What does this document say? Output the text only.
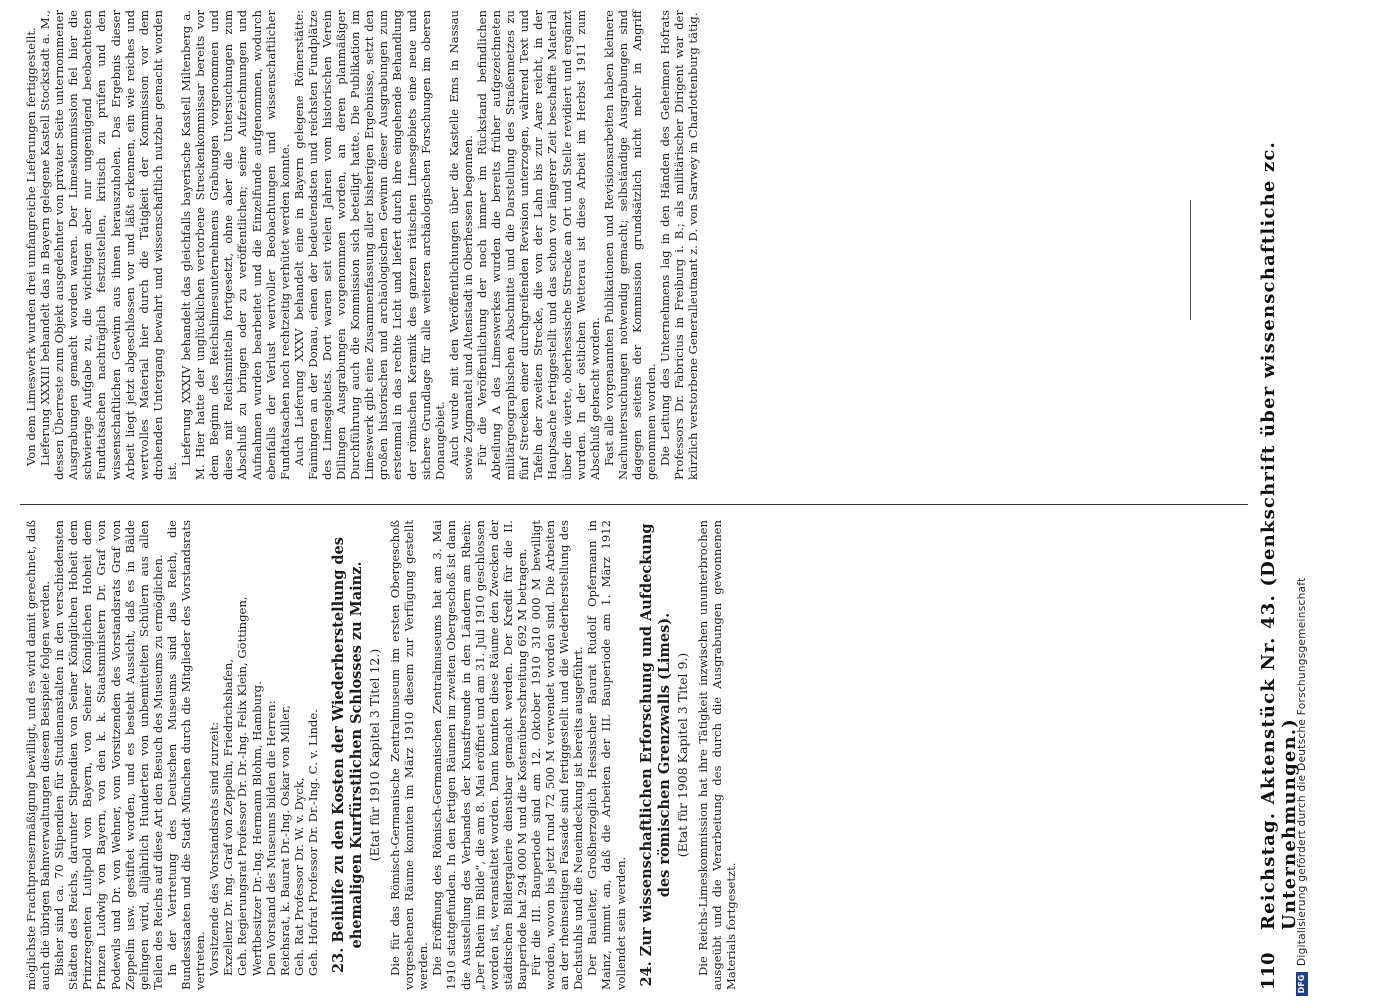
110
Reichstag. Aktenstück Nr. 43. (Denkschrift über wissenschaftliche zc. Unternehmungen.)

möglichste Frachtpreisermäßigung bewilligt, und es wird damit gerechnet, daß auch die übrigen Bahnverwaltungen diesem Beispiele folgen werden. Bisher sind ca. 70 Stipendien für Studienanstalten in den verschiedensten Städten des Reichs, darunter Stipendien von Seiner Königlichen Hoheit dem Prinzregenten Luitpold von Bayern, von Seiner Königlichen Hoheit dem Prinzen Ludwig von Bayern, von den k. k. Staatsministern Dr. Graf von Podewils und Dr. von Wehner, vom Vorsitzenden des Vorstandsrats Graf von Zeppelin usw. gestiftet worden, und es besteht Aussicht, daß es in Bälde gelingen wird, alljährlich Hunderten von unbemittelten Schülern aus allen Teilen des Reichs auf diese Art den Besuch des Museums zu ermöglichen. In der Vertretung des Deutschen Museums sind das Reich, die Bundesstaaten und die Stadt München durch die Mitglieder des Vorstandsrats vertreten. Vorsitzende des Vorstandsrats sind zurzeit: Exzellenz Dr. ing. Graf von Zeppelin, Friedrichshafen, Geh. Regierungsrat Professor Dr. Dr.-Ing. Felix Klein, Göttingen, Werftbesitzer Dr.-Ing. Hermann Blohm, Hamburg. Den Vorstand des Museums bilden die Herren: Reichsrat, k. Baurat Dr.-Ing. Oskar von Miller, Geh. Rat Professor Dr. W. v. Dyck, Geh. Hofrat Professor Dr. Dr.-Ing. C. v. Linde. 23. Beihilfe zu den Kosten der Wiederherstellung des ehemaligen Kurfürstlichen Schlosses zu Mainz. (Etat für 1910 Kapitel 3 Titel 12.) Die für das Römisch-Germanische Zentralmuseum im ersten Obergeschoß vorgesehenen Räume konnten im März 1910 diesem zur Verfügung gestellt werden. Die Eröffnung des Römisch-Germanischen Zentralmuseums hat am 3. Mai 1910 stattgefunden. In den fertigen Räumen im zweiten Obergeschoß ist dann die Ausstellung des Verbandes der Kunstfreunde in den Ländern am Rhein: „Der Rhein im Bilde“, die am 8. Mai eröffnet und am 31. Juli 1910 geschlossen worden ist, veranstaltet worden. Dann konnten diese Räume den Zwecken der städtischen Bildergalerie dienstbar gemacht werden. Der Kredit für die II. Bauperiode hat 294 000 M und die Kostenüberschreitung 692 M betragen. Für die III. Bauperiode sind am 12. Oktober 1910 310 000 M bewilligt worden, wovon bis jetzt rund 72 500 M verwendet worden sind. Die Arbeiten an der rheinseitigen Fassade sind fertiggestellt und die Wiederherstellung des Dachstuhls und die Neueindeckung ist bereits ausgeführt. Der Bauleiter, Großherzoglich Hessischer Baurat Rudolf Opfermann in Mainz, nimmt an, daß die Arbeiten der III. Bauperiode am 1. März 1912 vollendet sein werden. 24. Zur wissenschaftlichen Erforschung und Aufdeckung des römischen Grenzwalls (Limes). (Etat für 1908 Kapitel 3 Titel 9.) Die Reichs-Limeskommission hat ihre Tätigkeit inzwischen ununterbrochen ausgeübt und die Verarbeitung des durch die Ausgrabungen gewonnenen Materials fortgesetzt.

Von dem Limeswerk wurden drei umfangreiche Lieferungen fertiggestellt. Lieferung XXXIII behandelt das in Bayern gelegene Kastell Stockstadt a. M., dessen Überreste zum Objekt ausgedehnter von privater Seite unternommener Ausgrabungen gemacht worden waren. Der Limeskommission fiel hier die schwierige Aufgabe zu, die wichtigen aber nur ungenügend beobachteten Fundtatsachen nachträglich festzustellen, kritisch zu prüfen und den wissenschaftlichen Gewinn aus ihnen herauszuholen. Das Ergebnis dieser Arbeit liegt jetzt abgeschlossen vor und läßt erkennen, ein wie reiches und wertvolles Material hier durch die Tätigkeit der Kommission vor dem drohenden Untergang bewahrt und wissenschaftlich nutzbar gemacht worden ist.

Lieferung XXXIV behandelt das gleichfalls bayerische Kastell Miltenberg a. M. Hier hatte der unglücklichen vertorbene Streckenkommissar bereits vor dem Beginn des Reichslimesunternehmens Grabungen vorgenommen und diese mit Reichsmitteln fortgesetzt, ohne aber die Untersuchungen zum Abschluß zu bringen oder zu veröffentlichen; seine Aufzeichnungen und Aufnahmen wurden bearbeitet und die Einzelfunde aufgenommen, wodurch ebenfalls der Verlust wertvoller Beobachtungen und wissenschaftlicher Fundtatsachen noch rechtzeitig verhütet werden konnte. Auch Lieferung XXXV behandelt eine in Bayern gelegene Römerstätte: Faimingen an der Donau, einen der bedeutendsten und reichsten Fundplätze des Limesgebiets. Dort waren seit vielen Jahren vom historischen Verein Dillingen Ausgrabungen vorgenommen worden, an deren planmäßiger Durchführung auch die Kommission sich beteiligt hatte. Die Publikation im Limeswerk gibt eine Zusammenfassung aller bisherigen Ergebnisse, setzt den großen historischen und archäologischen Gewinn dieser Ausgrabungen zum erstenmal in das rechte Licht und liefert durch ihre eingehende Behandlung der römischen Keramik des ganzen rätischen Limesgebiets eine neue und sichere Grundlage für alle weiteren archäologischen Forschungen im oberen Donaugebiet. Auch wurde mit den Veröffentlichungen über die Kastelle Ems in Nassau sowie Zugmantel und Altenstadt in Oberhessen begonnen. Für die Veröffentlichung der noch immer im Rückstand befindlichen Abteilung A des Limeswerkes wurden die bereits früher aufgezeichneten militärgeographischen Abschnitte und die Darstellung des Straßennetzes zu fünf Strecken einer durchgreifenden Revision unterzogen, während Text und Tafeln der zweiten Strecke, die von der Lahn bis zur Aare reicht, in der Hauptsache fertiggestellt und das schon vor längerer Zeit beschaffte Material über die vierte, oberhessische Strecke an Ort und Stelle revidiert und ergänzt wurden. In der östlichen Wetterau ist diese Arbeit im Herbst 1911 zum Abschluß gebracht worden. Fast alle vorgenannten Publikationen und Revisionsarbeiten haben kleinere Nachuntersuchungen notwendig gemacht; selbständige Ausgrabungen sind dagegen seitens der Kommission grundsätzlich nicht mehr in Angriff genommen worden. Die Leitung des Unternehmens lag in den Händen des Geheimen Hofrats Professors Dr. Fabricius in Freiburg i. B.; als militärischer Dirigent war der kürzlich verstorbene Generalleutnant z. D. von Sarwey in Charlottenburg tätig.

DFG
Digitalisierung gefördert durch die Deutsche Forschungsgemeinschaft
